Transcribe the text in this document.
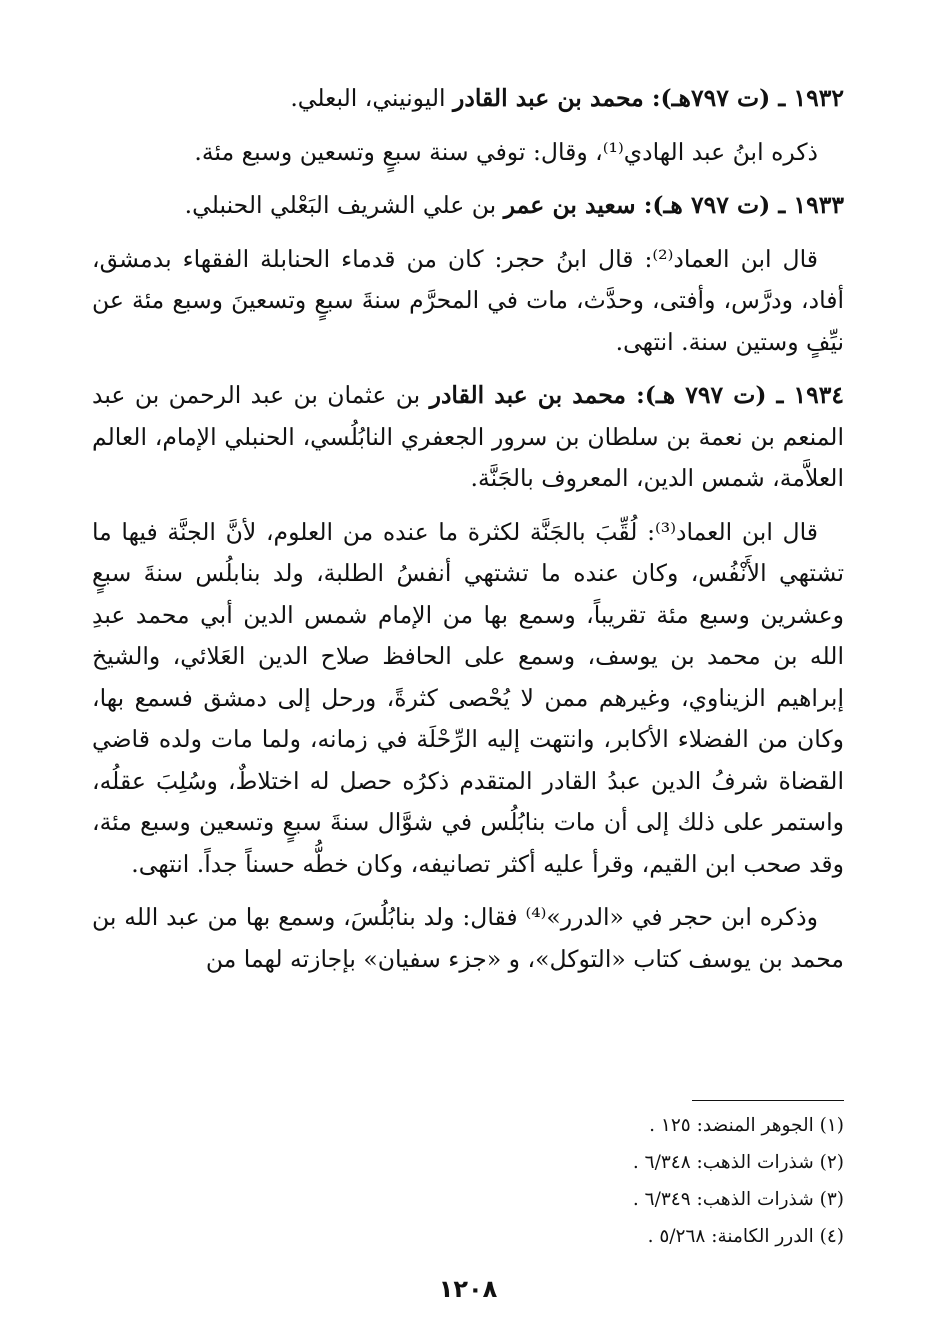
١٩٣٢ ـ (ت ٧٩٧هـ): محمد بن عبد القادر اليونيني، البعلي.

ذكره ابنُ عبد الهادي⁽¹⁾، وقال: توفي سنة سبعٍ وتسعين وسبع مئة.

١٩٣٣ ـ (ت ٧٩٧ هـ): سعيد بن عمر بن علي الشريف البَعْلي الحنبلي.

قال ابن العماد⁽²⁾: قال ابنُ حجر: كان من قدماء الحنابلة الفقهاء بدمشق، أفاد، ودرَّس، وأفتى، وحدَّث، مات في المحرَّم سنةَ سبعٍ وتسعينَ وسبع مئة عن نيِّفٍ وستين سنة. انتهى.

١٩٣٤ ـ (ت ٧٩٧ هـ): محمد بن عبد القادر بن عثمان بن عبد الرحمن بن عبد المنعم بن نعمة بن سلطان بن سرور الجعفري النابُلُسي، الحنبلي الإمام، العالم العلاَّمة، شمس الدين، المعروف بالجَنَّة.

قال ابن العماد⁽³⁾: لُقِّبَ بالجَنَّة لكثرة ما عنده من العلوم، لأنَّ الجنَّة فيها ما تشتهي الأَنْفُس، وكان عنده ما تشتهي أنفسُ الطلبة، ولد بنابلُس سنةَ سبعٍ وعشرين وسبع مئة تقريباً، وسمع بها من الإمام شمس الدين أبي محمد عبدِ الله بن محمد بن يوسف، وسمع على الحافظ صلاح الدين العَلائي، والشيخ إبراهيم الزيناوي، وغيرهم ممن لا يُحْصى كثرةً، ورحل إلى دمشق فسمع بها، وكان من الفضلاء الأكابر، وانتهت إليه الرِّحْلَة في زمانه، ولما مات ولده قاضي القضاة شرفُ الدين عبدُ القادر المتقدم ذكرُه حصل له اختلاطٌ، وسُلِبَ عقلُه، واستمر على ذلك إلى أن مات بنابُلُس في شوَّال سنةَ سبعٍ وتسعين وسبع مئة، وقد صحب ابن القيم، وقرأ عليه أكثر تصانيفه، وكان خطُّه حسناً جداً. انتهى.

وذكره ابن حجر في «الدرر»⁽⁴⁾ فقال: ولد بنابُلُسَ، وسمع بها من عبد الله بن محمد بن يوسف كتاب «التوكل»، و «جزء سفيان» بإجازته لهما من

(١) الجوهر المنضد: ١٢٥ .

(٢) شذرات الذهب: ٦/٣٤٨ .

(٣) شذرات الذهب: ٦/٣٤٩ .

(٤) الدرر الكامنة: ٥/٢٦٨ .

١٢٠٨
